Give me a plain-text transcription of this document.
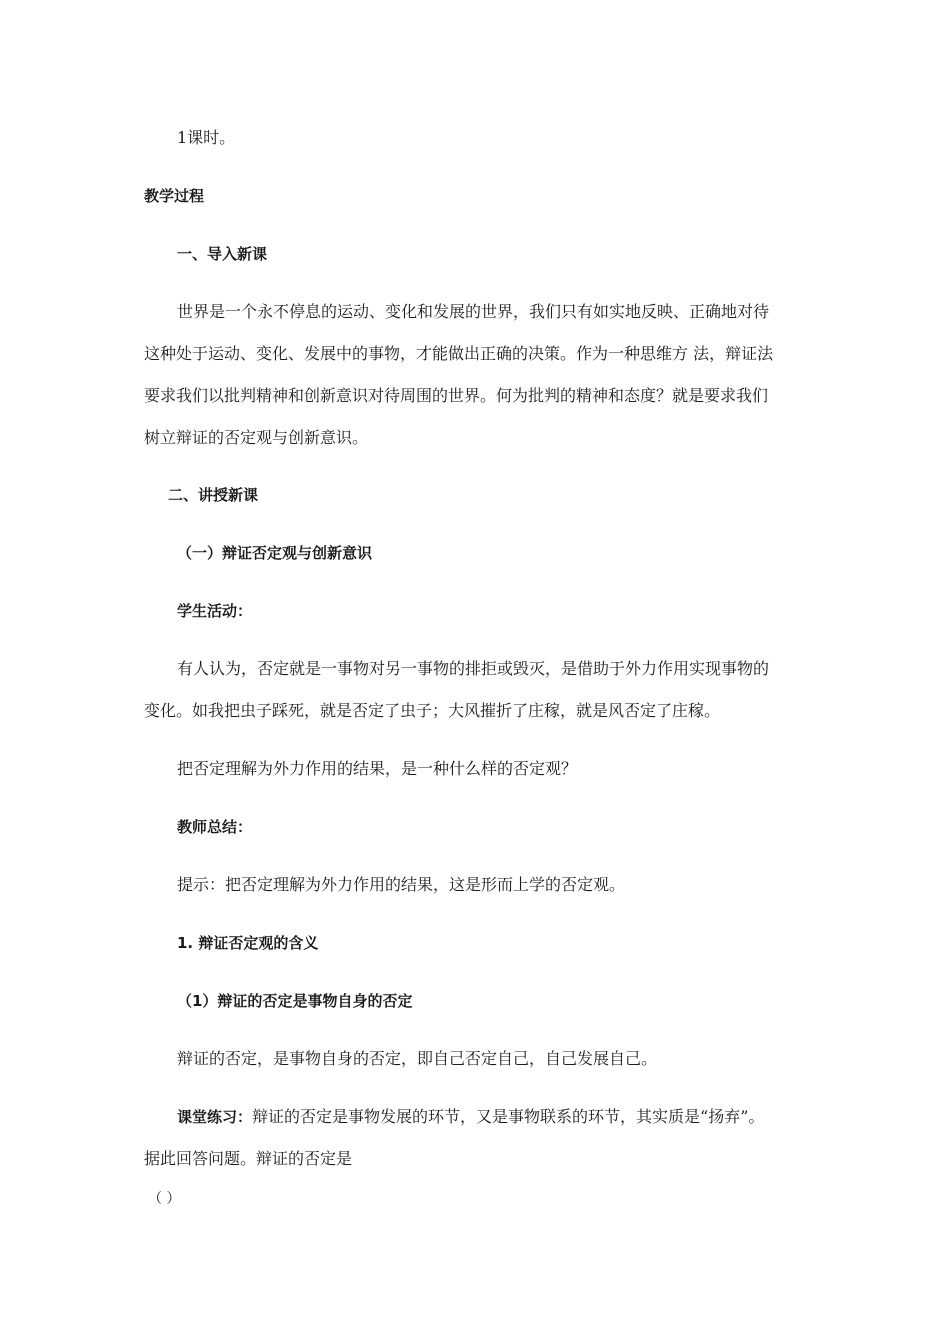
1课时。
教学过程
一、导入新课
世界是一个永不停息的运动、变化和发展的世界，我们只有如实地反映、正确地对待
这种处于运动、变化、发展中的事物，才能做出正确的决策。作为一种思维方 法，辩证法
要求我们以批判精神和创新意识对待周围的世界。何为批判的精神和态度？就是要求我们
树立辩证的否定观与创新意识。
二、讲授新课
（一）辩证否定观与创新意识
学生活动：
有人认为，否定就是一事物对另一事物的排拒或毁灭，是借助于外力作用实现事物的
变化。如我把虫子踩死，就是否定了虫子；大风摧折了庄稼，就是风否定了庄稼。
把否定理解为外力作用的结果，是一种什么样的否定观？
教师总结：
提示：把否定理解为外力作用的结果，这是形而上学的否定观。
1. 辩证否定观的含义
（1）辩证的否定是事物自身的否定
辩证的否定，是事物自身的否定，即自己否定自己，自己发展自己。
课堂练习：辩证的否定是事物发展的环节，又是事物联系的环节，其实质是“扬弃”。
据此回答问题。辩证的否定是
（ ）
